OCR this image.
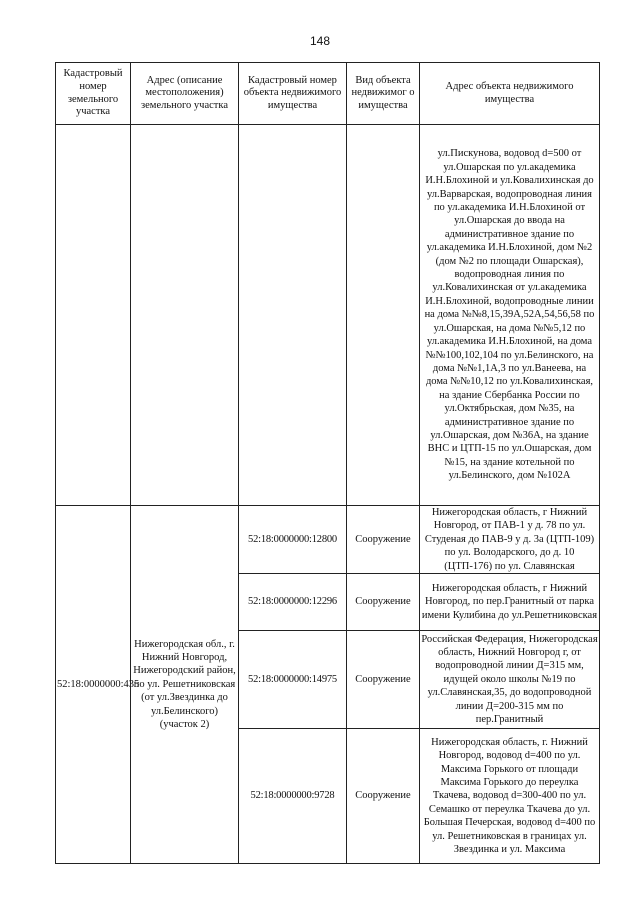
148
Кадастровый номер земельного участка	Адрес (описание местоположения) земельного участка	Кадастровый номер объекта недвижимого имущества	Вид объекта недвижимог о имущества	Адрес объекта недвижимого имущества
				ул.Пискунова, водовод d=500 от ул.Ошарская по ул.академика И.Н.Блохиной и ул.Ковалихинская до ул.Варварская, водопроводная линия по ул.академика И.Н.Блохиной от ул.Ошарская до ввода на административное здание по ул.академика И.Н.Блохиной, дом №2 (дом №2 по площади Ошарская), водопроводная линия по ул.Ковалихинская от ул.академика И.Н.Блохиной, водопроводные линии на дома №№8,15,39А,52А,54,56,58 по ул.Ошарская, на дома №№5,12 по ул.академика И.Н.Блохиной, на дома №№100,102,104 по ул.Белинского, на дома №№1,1А,3 по ул.Ванеева, на дома №№10,12 по ул.Ковалихинская, на здание Сбербанка России по ул.Октябрьская, дом №35, на административное здание по ул.Ошарская, дом №36А, на здание ВНС и ЦТП-15 по ул.Ошарская, дом №15, на здание котельной по ул.Белинского, дом №102А
52:18:0000000:435	Нижегородская обл., г. Нижний Новгород, Нижегородский район, по ул. Решетниковская (от ул.Звездинка до ул.Белинского) (участок 2)	52:18:0000000:12800	Сооружение	Нижегородская область, г Нижний Новгород, от ПАВ-1 у д. 78 по ул. Студеная до ПАВ-9 у д. 3а (ЦТП-109) по ул. Володарского, до д. 10 (ЦТП-176) по ул. Славянская
		52:18:0000000:12296	Сооружение	Нижегородская область, г Нижний Новгород, по пер.Гранитный от парка имени Кулибина до ул.Решетниковская
		52:18:0000000:14975	Сооружение	Российская Федерация, Нижегородская область, Нижний Новгород г, от водопроводной линии Д=315 мм, идущей около школы №19 по ул.Славянская,35, до водопроводной линии Д=200-315 мм по пер.Гранитный
		52:18:0000000:9728	Сооружение	Нижегородская область, г. Нижний Новгород, водовод d=400 по ул. Максима Горького от площади Максима Горького до переулка Ткачева, водовод d=300-400 по ул. Семашко от переулка Ткачева до ул. Большая Печерская, водовод d=400 по ул. Решетниковская в границах ул. Звездинка и ул. Максима
